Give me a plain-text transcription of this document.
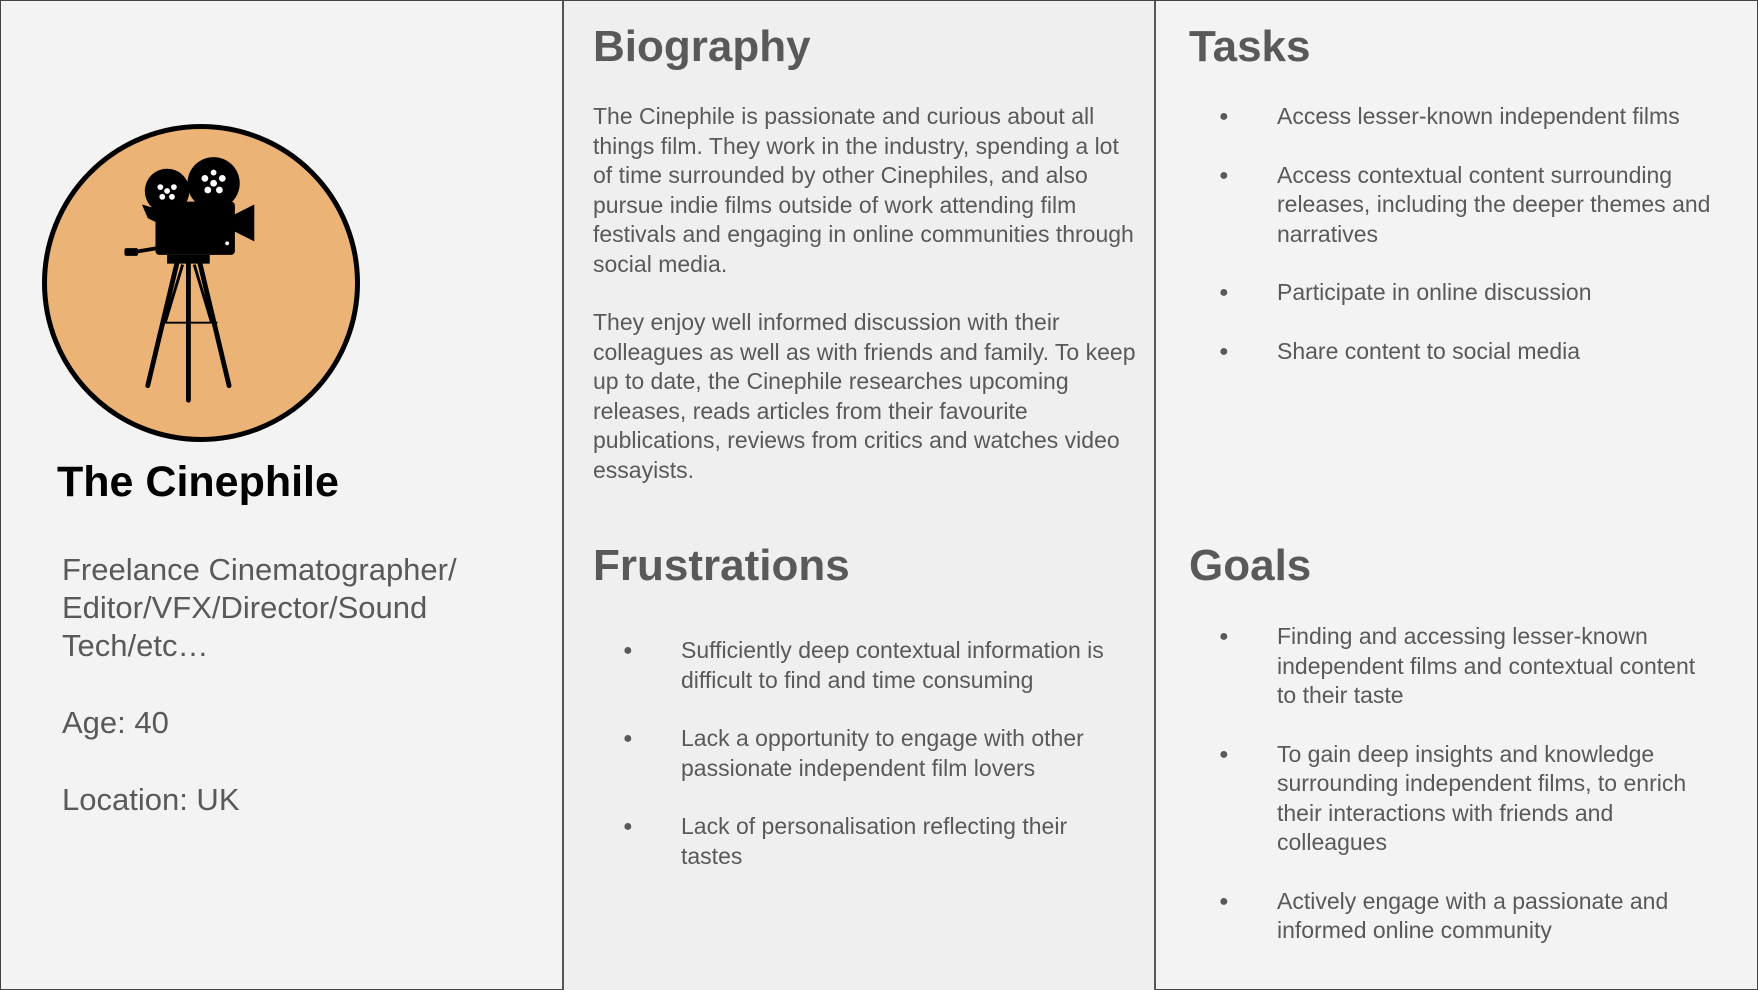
The Cinephile

Freelance Cinematographer/ Editor/VFX/Director/Sound Tech/etc…

Age: 40

Location: UK

Biography

The Cinephile is passionate and curious about all things film. They work in the industry, spending a lot of time surrounded by other Cinephiles, and also pursue indie films outside of work attending film festivals and engaging in online communities through social media.

They enjoy well informed discussion with their colleagues as well as with friends and family. To keep up to date, the Cinephile researches upcoming releases, reads articles from their favourite publications, reviews from critics and watches video essayists.

Frustrations
● Sufficiently deep contextual information is difficult to find and time consuming
● Lack a opportunity to engage with other passionate independent film lovers
● Lack of personalisation reflecting their tastes
Tasks
● Access lesser-known independent films
● Access contextual content surrounding releases, including the deeper themes and narratives
● Participate in online discussion
● Share content to social media
Goals
● Finding and accessing lesser-known independent films and contextual content to their taste
● To gain deep insights and knowledge surrounding independent films, to enrich their interactions with friends and colleagues
● Actively engage with a passionate and informed online community
